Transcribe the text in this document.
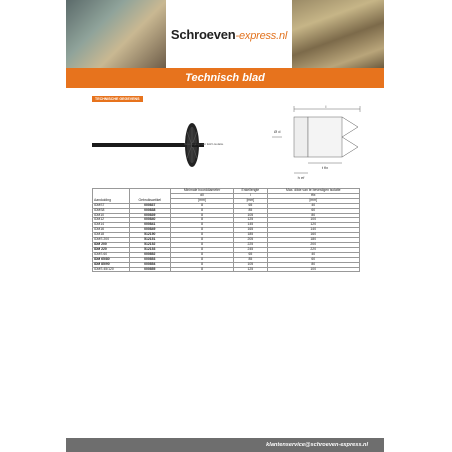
Schroeven-express.nl
Technisch blad
TECHNISCHE GEGEVENS
Bevestiging voor EHV-isolatie
l
t fix
h ef
Ø d
Aanduiding	Gebruiksartikel	Minimale boorddiameter	Enkellengte	Max. dikte van te bevestigen isolatie
		d0	l	tfix
		[mm]	[mm]	[mm]
IDMS7	000837	8	65	40
IDMS8	000838	8	85	60
IDM10	000839	8	105	80
IDM12	000840	8	125	100
IDM14	000841	8	145	120
IDM16	000849	8	165	140
IDM18	512150	8	185	160
IDMS 200	512151	8	205	180
IDM 200	512152	8	225	200
IDM 220	512153	8	245	220
IDMS 60	000852	8	65	40
IDM 65/80	000853	8	85	60
IDM 85/90	000854	8	105	80
IDMS 45/120	000855	8	125	100
klantenservice@schroeven-express.nl
